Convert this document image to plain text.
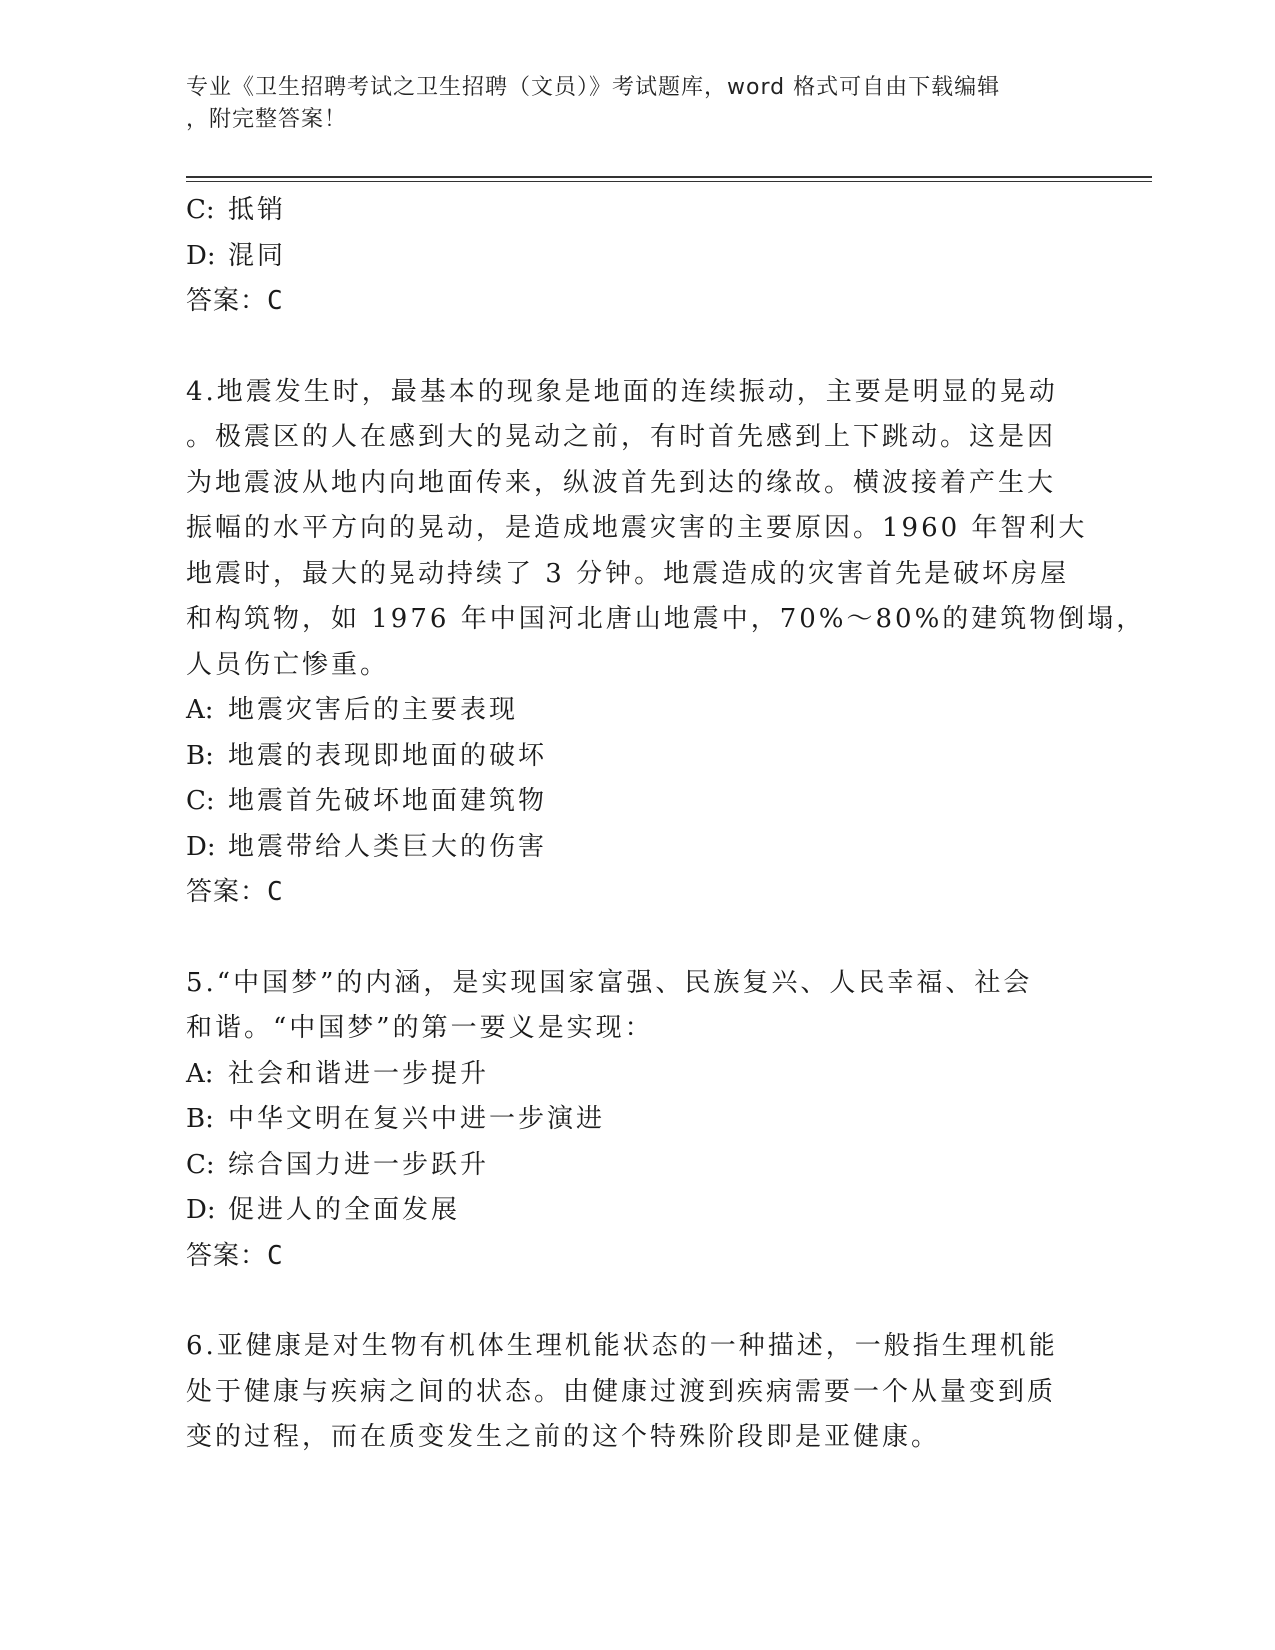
专业《卫生招聘考试之卫生招聘（文员）》考试题库，word 格式可自由下载编辑
，附完整答案！
C: 抵销
D: 混同
答案：C
4.地震发生时，最基本的现象是地面的连续振动，主要是明显的晃动
。极震区的人在感到大的晃动之前，有时首先感到上下跳动。这是因
为地震波从地内向地面传来，纵波首先到达的缘故。横波接着产生大
振幅的水平方向的晃动，是造成地震灾害的主要原因。1960 年智利大
地震时，最大的晃动持续了 3 分钟。地震造成的灾害首先是破坏房屋
和构筑物，如 1976 年中国河北唐山地震中，70%～80%的建筑物倒塌，
人员伤亡惨重。
A: 地震灾害后的主要表现
B: 地震的表现即地面的破坏
C: 地震首先破坏地面建筑物
D: 地震带给人类巨大的伤害
答案：C
5.“中国梦”的内涵，是实现国家富强、民族复兴、人民幸福、社会
和谐。“中国梦”的第一要义是实现：
A: 社会和谐进一步提升
B: 中华文明在复兴中进一步演进
C: 综合国力进一步跃升
D: 促进人的全面发展
答案：C
6.亚健康是对生物有机体生理机能状态的一种描述，一般指生理机能
处于健康与疾病之间的状态。由健康过渡到疾病需要一个从量变到质
变的过程，而在质变发生之前的这个特殊阶段即是亚健康。
